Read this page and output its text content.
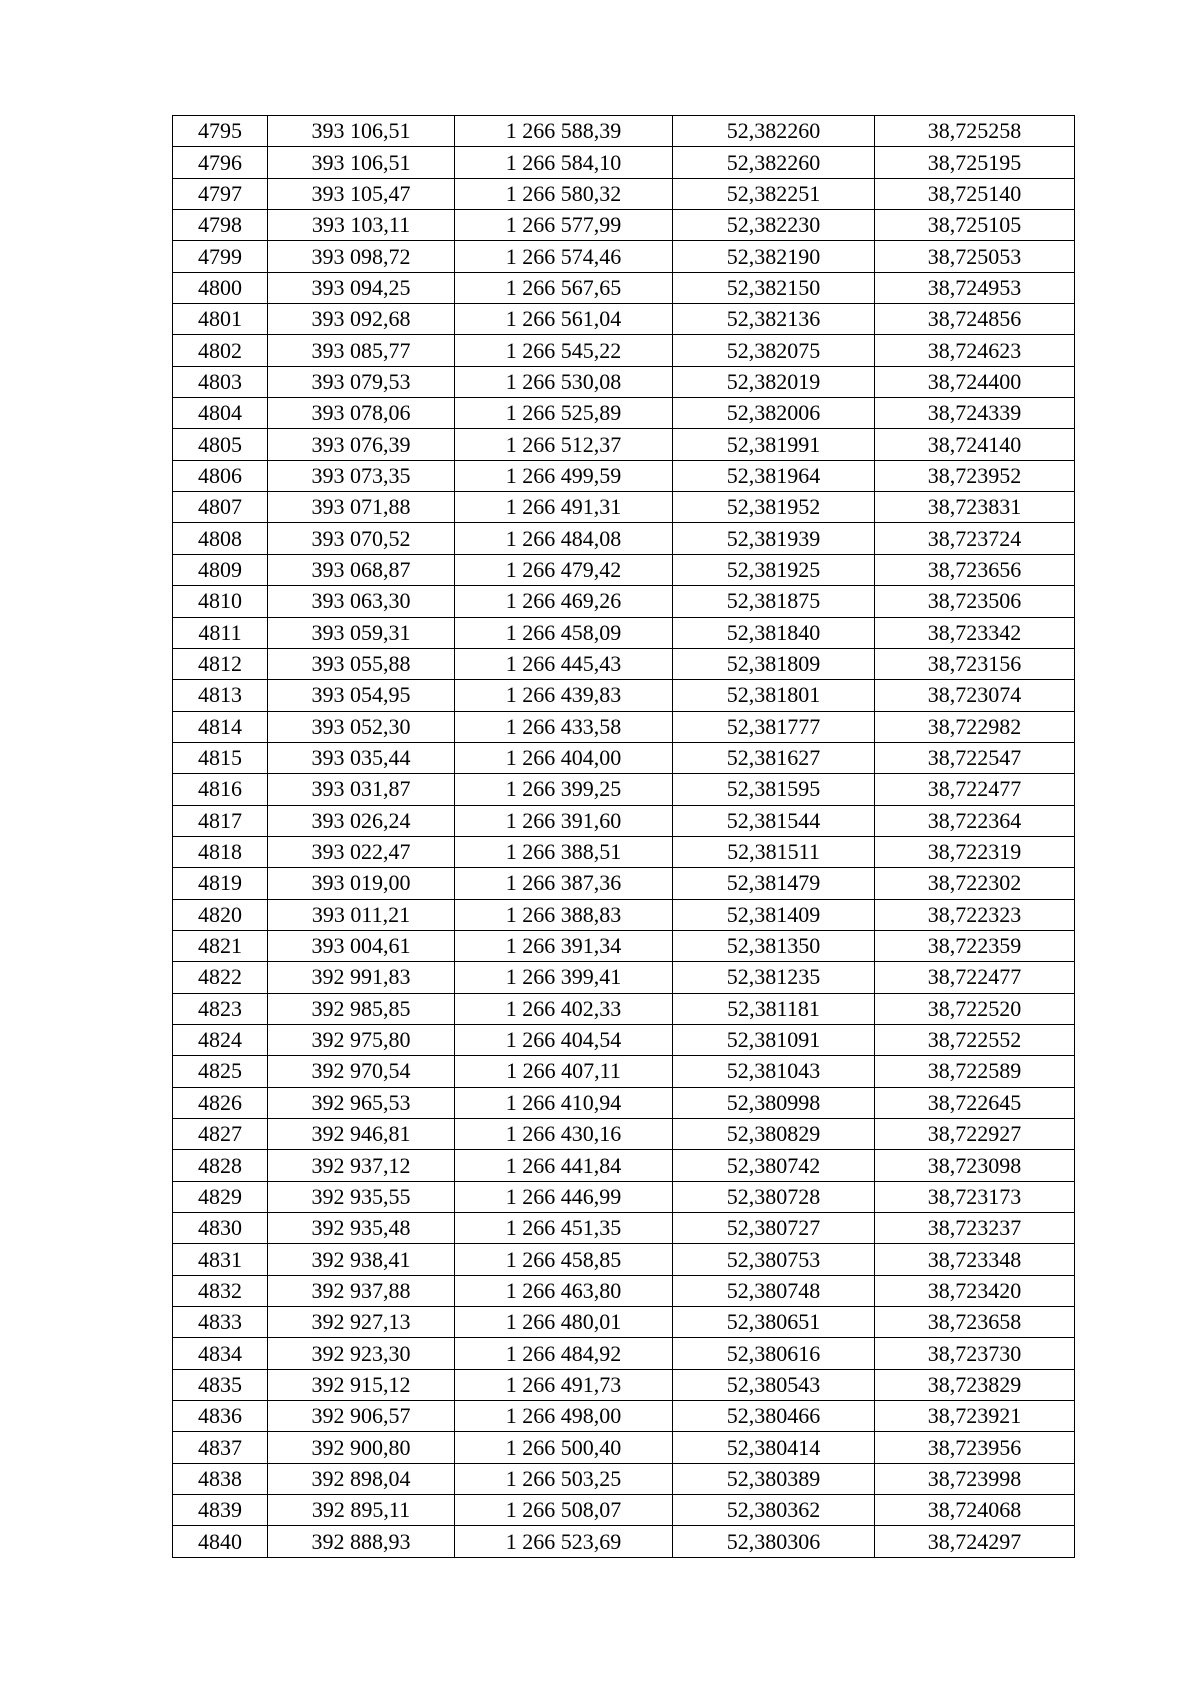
4795	393 106,51	1 266 588,39	52,382260	38,725258
4796	393 106,51	1 266 584,10	52,382260	38,725195
4797	393 105,47	1 266 580,32	52,382251	38,725140
4798	393 103,11	1 266 577,99	52,382230	38,725105
4799	393 098,72	1 266 574,46	52,382190	38,725053
4800	393 094,25	1 266 567,65	52,382150	38,724953
4801	393 092,68	1 266 561,04	52,382136	38,724856
4802	393 085,77	1 266 545,22	52,382075	38,724623
4803	393 079,53	1 266 530,08	52,382019	38,724400
4804	393 078,06	1 266 525,89	52,382006	38,724339
4805	393 076,39	1 266 512,37	52,381991	38,724140
4806	393 073,35	1 266 499,59	52,381964	38,723952
4807	393 071,88	1 266 491,31	52,381952	38,723831
4808	393 070,52	1 266 484,08	52,381939	38,723724
4809	393 068,87	1 266 479,42	52,381925	38,723656
4810	393 063,30	1 266 469,26	52,381875	38,723506
4811	393 059,31	1 266 458,09	52,381840	38,723342
4812	393 055,88	1 266 445,43	52,381809	38,723156
4813	393 054,95	1 266 439,83	52,381801	38,723074
4814	393 052,30	1 266 433,58	52,381777	38,722982
4815	393 035,44	1 266 404,00	52,381627	38,722547
4816	393 031,87	1 266 399,25	52,381595	38,722477
4817	393 026,24	1 266 391,60	52,381544	38,722364
4818	393 022,47	1 266 388,51	52,381511	38,722319
4819	393 019,00	1 266 387,36	52,381479	38,722302
4820	393 011,21	1 266 388,83	52,381409	38,722323
4821	393 004,61	1 266 391,34	52,381350	38,722359
4822	392 991,83	1 266 399,41	52,381235	38,722477
4823	392 985,85	1 266 402,33	52,381181	38,722520
4824	392 975,80	1 266 404,54	52,381091	38,722552
4825	392 970,54	1 266 407,11	52,381043	38,722589
4826	392 965,53	1 266 410,94	52,380998	38,722645
4827	392 946,81	1 266 430,16	52,380829	38,722927
4828	392 937,12	1 266 441,84	52,380742	38,723098
4829	392 935,55	1 266 446,99	52,380728	38,723173
4830	392 935,48	1 266 451,35	52,380727	38,723237
4831	392 938,41	1 266 458,85	52,380753	38,723348
4832	392 937,88	1 266 463,80	52,380748	38,723420
4833	392 927,13	1 266 480,01	52,380651	38,723658
4834	392 923,30	1 266 484,92	52,380616	38,723730
4835	392 915,12	1 266 491,73	52,380543	38,723829
4836	392 906,57	1 266 498,00	52,380466	38,723921
4837	392 900,80	1 266 500,40	52,380414	38,723956
4838	392 898,04	1 266 503,25	52,380389	38,723998
4839	392 895,11	1 266 508,07	52,380362	38,724068
4840	392 888,93	1 266 523,69	52,380306	38,724297
